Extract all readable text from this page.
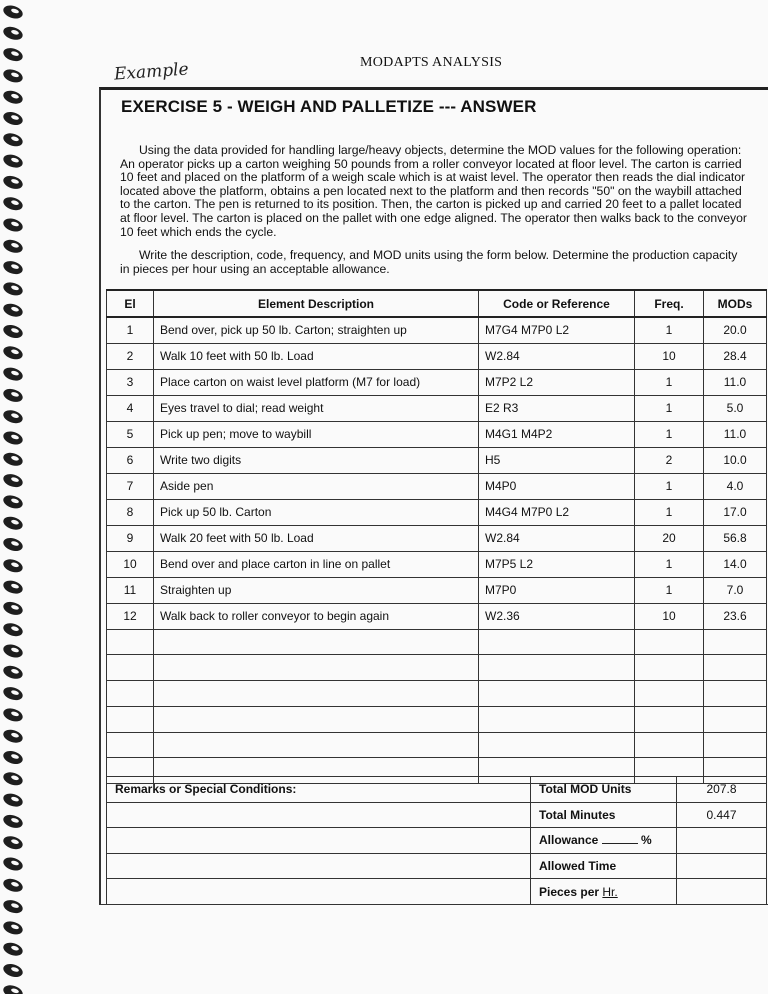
MODAPTS ANALYSIS
Example
EXERCISE 5 - WEIGH AND PALLETIZE --- ANSWER

Using the data provided for handling large/heavy objects, determine the MOD values for the following operation: An operator picks up a carton weighing 50 pounds from a roller conveyor located at floor level. The carton is carried 10 feet and placed on the platform of a weigh scale which is at waist level. The operator then reads the dial indicator located above the platform, obtains a pen located next to the platform and then records "50" on the waybill attached to the carton. The pen is returned to its position. Then, the carton is picked up and carried 20 feet to a pallet located at floor level. The carton is placed on the pallet with one edge aligned. The operator then walks back to the conveyor 10 feet which ends the cycle.

Write the description, code, frequency, and MOD units using the form below. Determine the production capacity in pieces per hour using an acceptable allowance.

El	Element Description	Code or Reference	Freq.	MODs
1	Bend over, pick up 50 lb. Carton; straighten up	M7G4 M7P0 L2	1	20.0
2	Walk 10 feet with 50 lb. Load	W2.84	10	28.4
3	Place carton on waist level platform (M7 for load)	M7P2 L2	1	11.0
4	Eyes travel to dial; read weight	E2 R3	1	5.0
5	Pick up pen; move to waybill	M4G1 M4P2	1	11.0
6	Write two digits	H5	2	10.0
7	Aside pen	M4P0	1	4.0
8	Pick up 50 lb. Carton	M4G4 M7P0 L2	1	17.0
9	Walk 20 feet with 50 lb. Load	W2.84	20	56.8
10	Bend over and place carton in line on pallet	M7P5 L2	1	14.0
11	Straighten up	M7P0	1	7.0
12	Walk back to roller conveyor to begin again	W2.36	10	23.6

Remarks or Special Conditions:	Total MOD Units	207.8
	Total Minutes	0.447
	Allowance %	
	Allowed Time	
	Pieces per Hr.	
